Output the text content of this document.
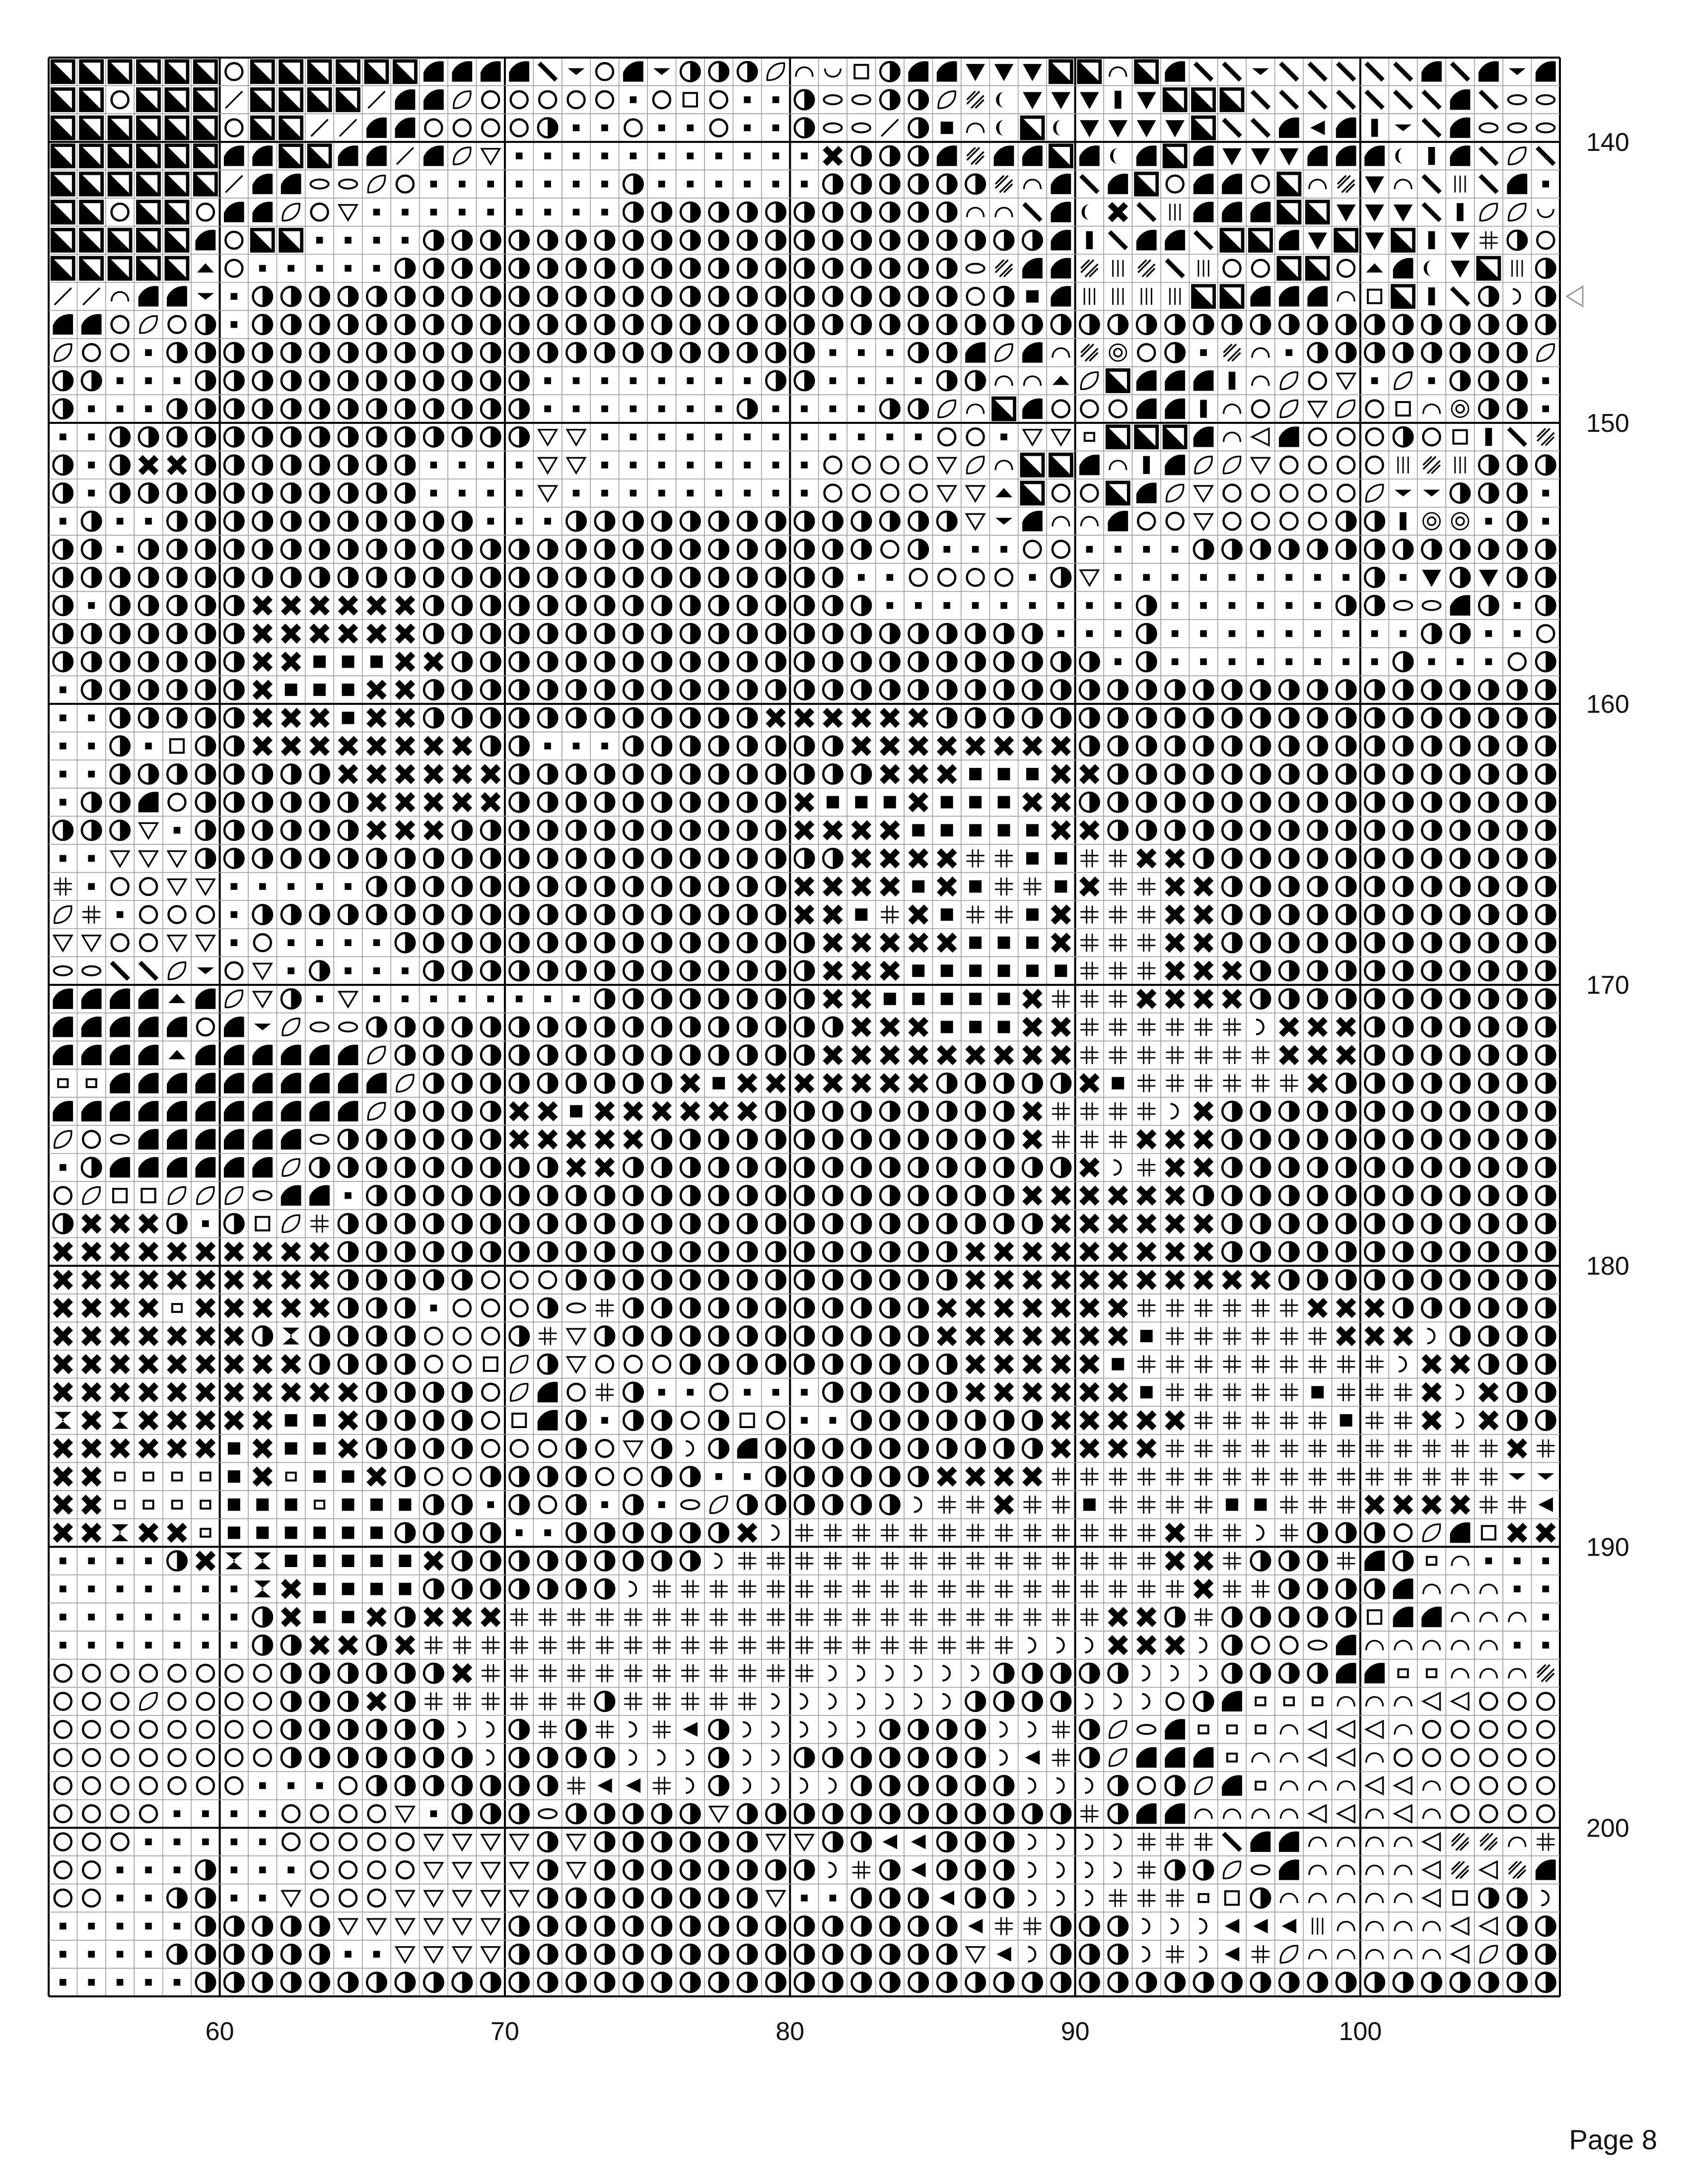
140
150
160
170
180
190
200
60	70	80	90	100
Page 8
